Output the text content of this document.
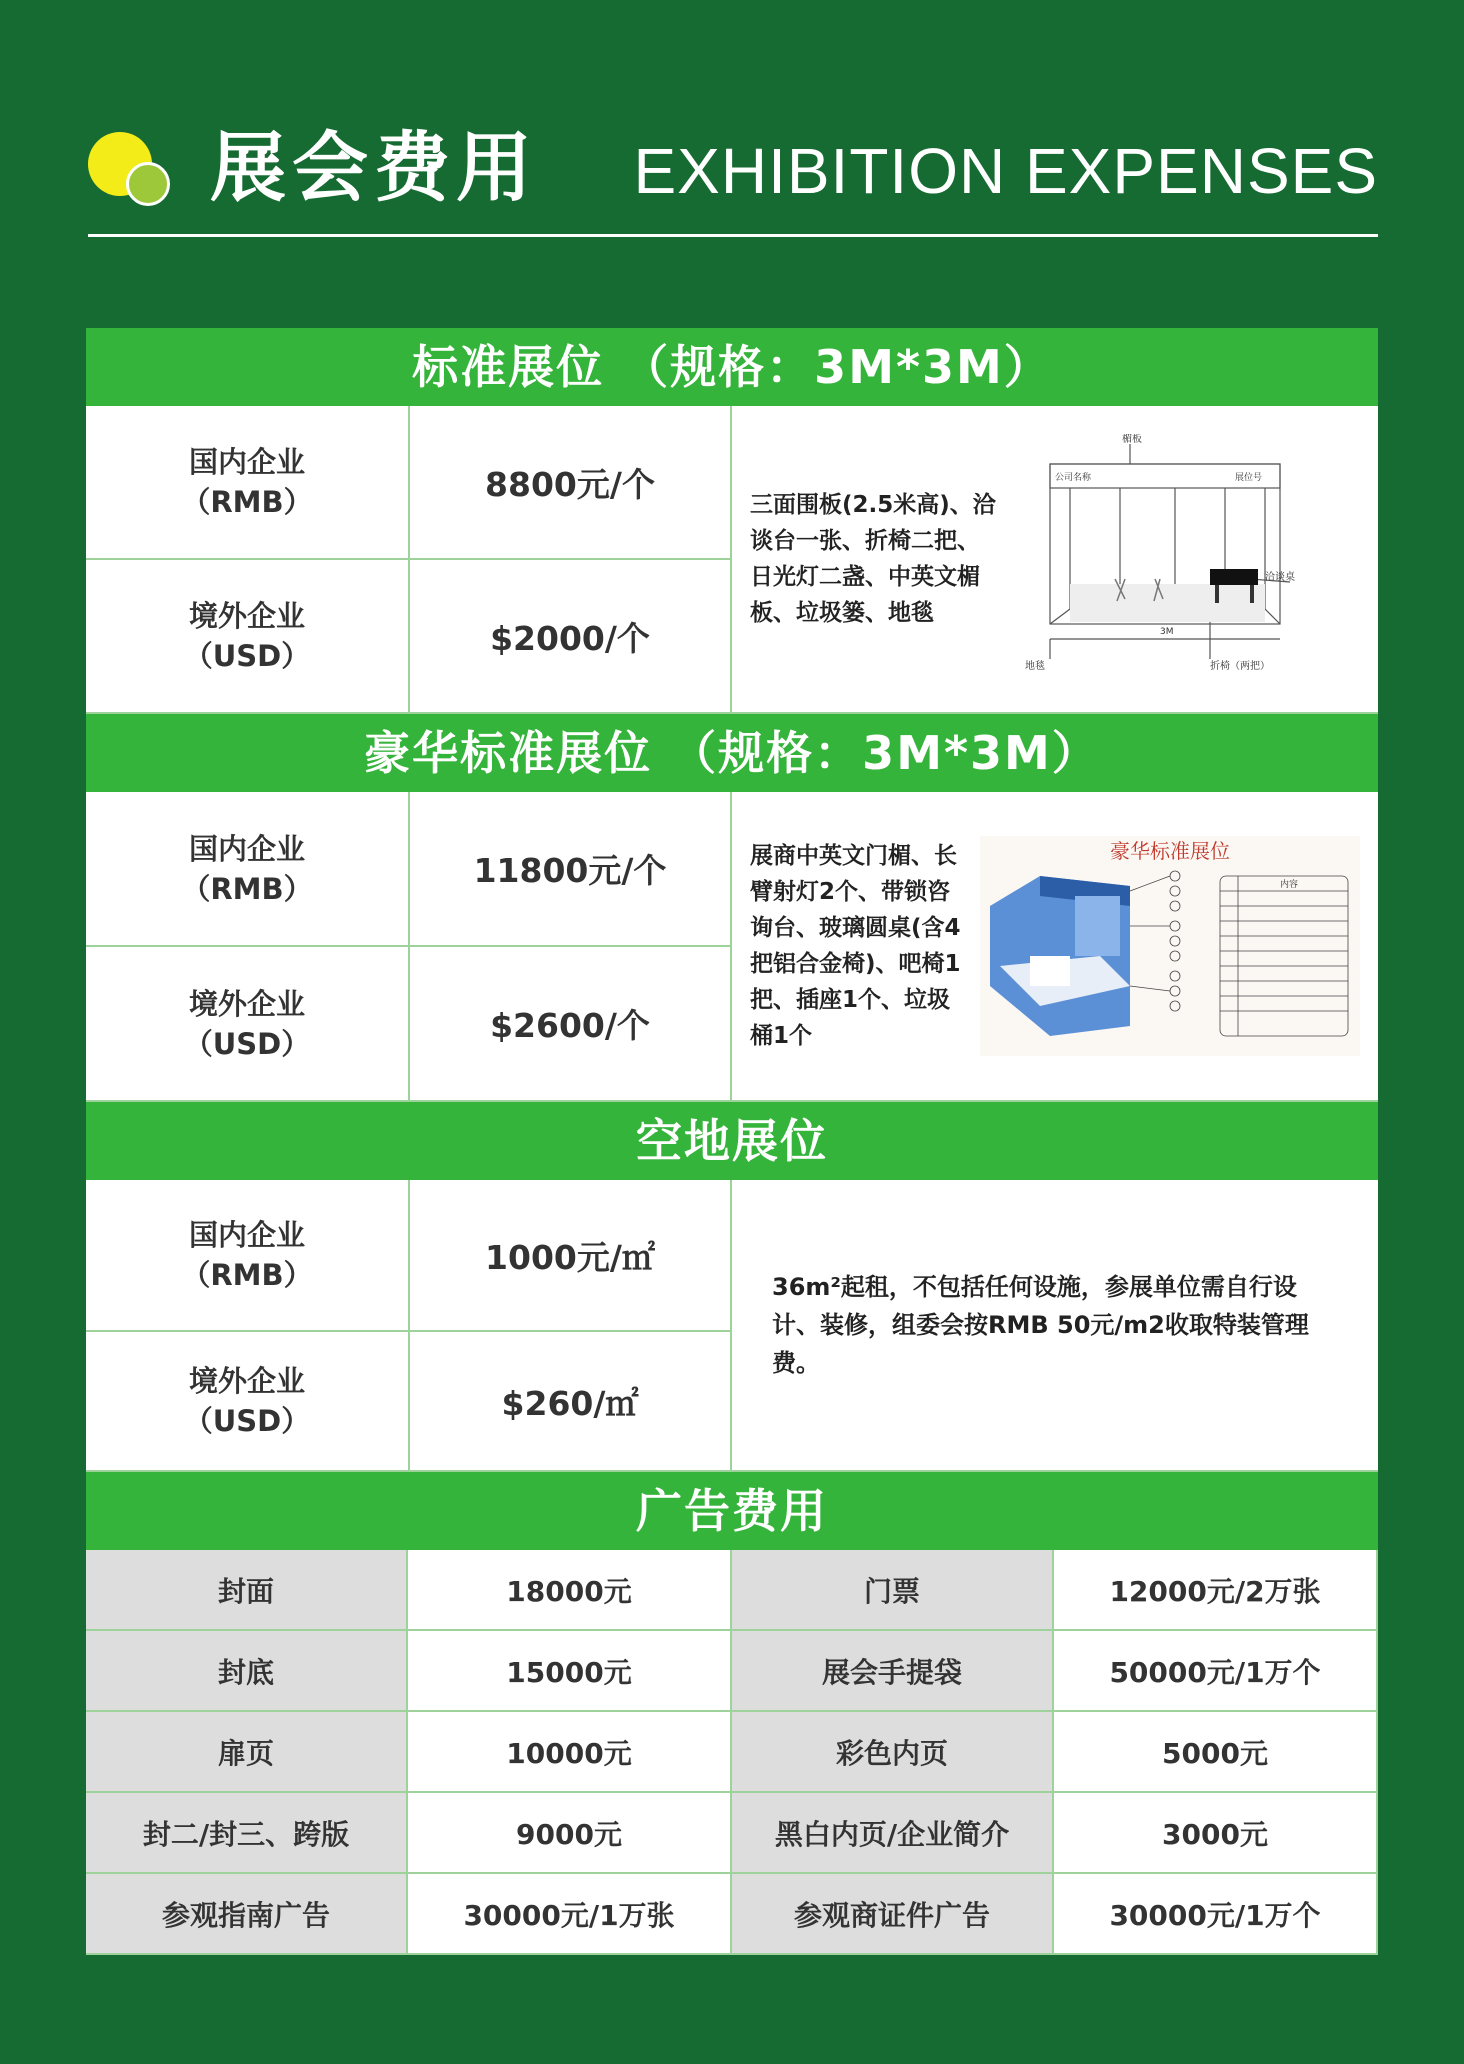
展会费用 EXHIBITION EXPENSES
标准展位 （规格：3M*3M）
国内企业
（RMB）	8800元/个
三面围板(2.5米高)、洽谈台一张、折椅二把、日光灯二盏、中英文楣板、垃圾篓、地毯
楣板
公司名称	展位号
洽谈桌
3M
地毯	折椅（两把）
境外企业
（USD）	$2000/个
豪华标准展位 （规格：3M*3M）
国内企业
（RMB）	11800元/个	展商中英文门楣、长臂射灯2个、带锁咨询台、玻璃圆桌(含4把铝合金椅)、吧椅1把、插座1个、垃圾桶1个
豪华标准展位
内容
境外企业
（USD）	$2600/个
空地展位
国内企业
（RMB）	1000元/㎡
36m²起租，不包括任何设施，参展单位需自行设计、装修，组委会按RMB 50元/m2收取特装管理费。
境外企业
（USD）	$260/㎡
广告费用
封面	18000元	门票	12000元/2万张
封底	15000元	展会手提袋	50000元/1万个
扉页	10000元	彩色内页	5000元
封二/封三、跨版	9000元	黑白内页/企业简介	3000元
参观指南广告	30000元/1万张	参观商证件广告	30000元/1万个
